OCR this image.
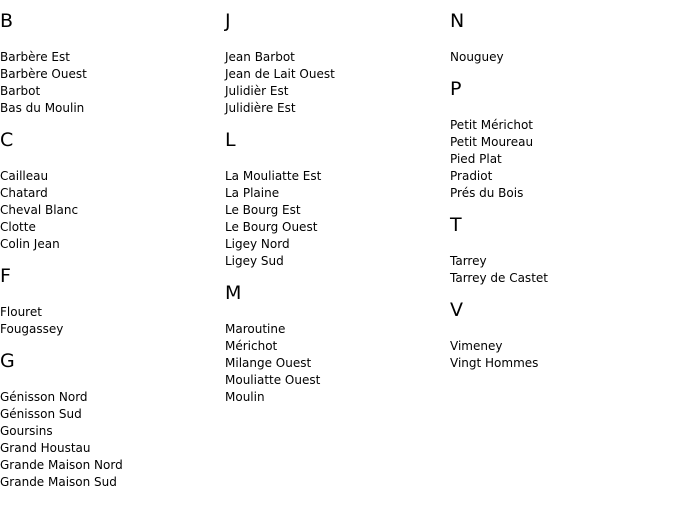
B
Barbère Est
Barbère Ouest
Barbot
Bas du Moulin
C
Cailleau
Chatard
Cheval Blanc
Clotte
Colin Jean
F
Flouret
Fougassey
G
Génisson Nord
Génisson Sud
Goursins
Grand Houstau
Grande Maison Nord
Grande Maison Sud
J
Jean Barbot
Jean de Lait Ouest
Julidièr Est
Julidière Est
L
La Mouliatte Est
La Plaine
Le Bourg Est
Le Bourg Ouest
Ligey Nord
Ligey Sud
M
Maroutine
Mérichot
Milange Ouest
Mouliatte Ouest
Moulin
N
Nouguey
P
Petit Mérichot
Petit Moureau
Pied Plat
Pradiot
Prés du Bois
T
Tarrey
Tarrey de Castet
V
Vimeney
Vingt Hommes
